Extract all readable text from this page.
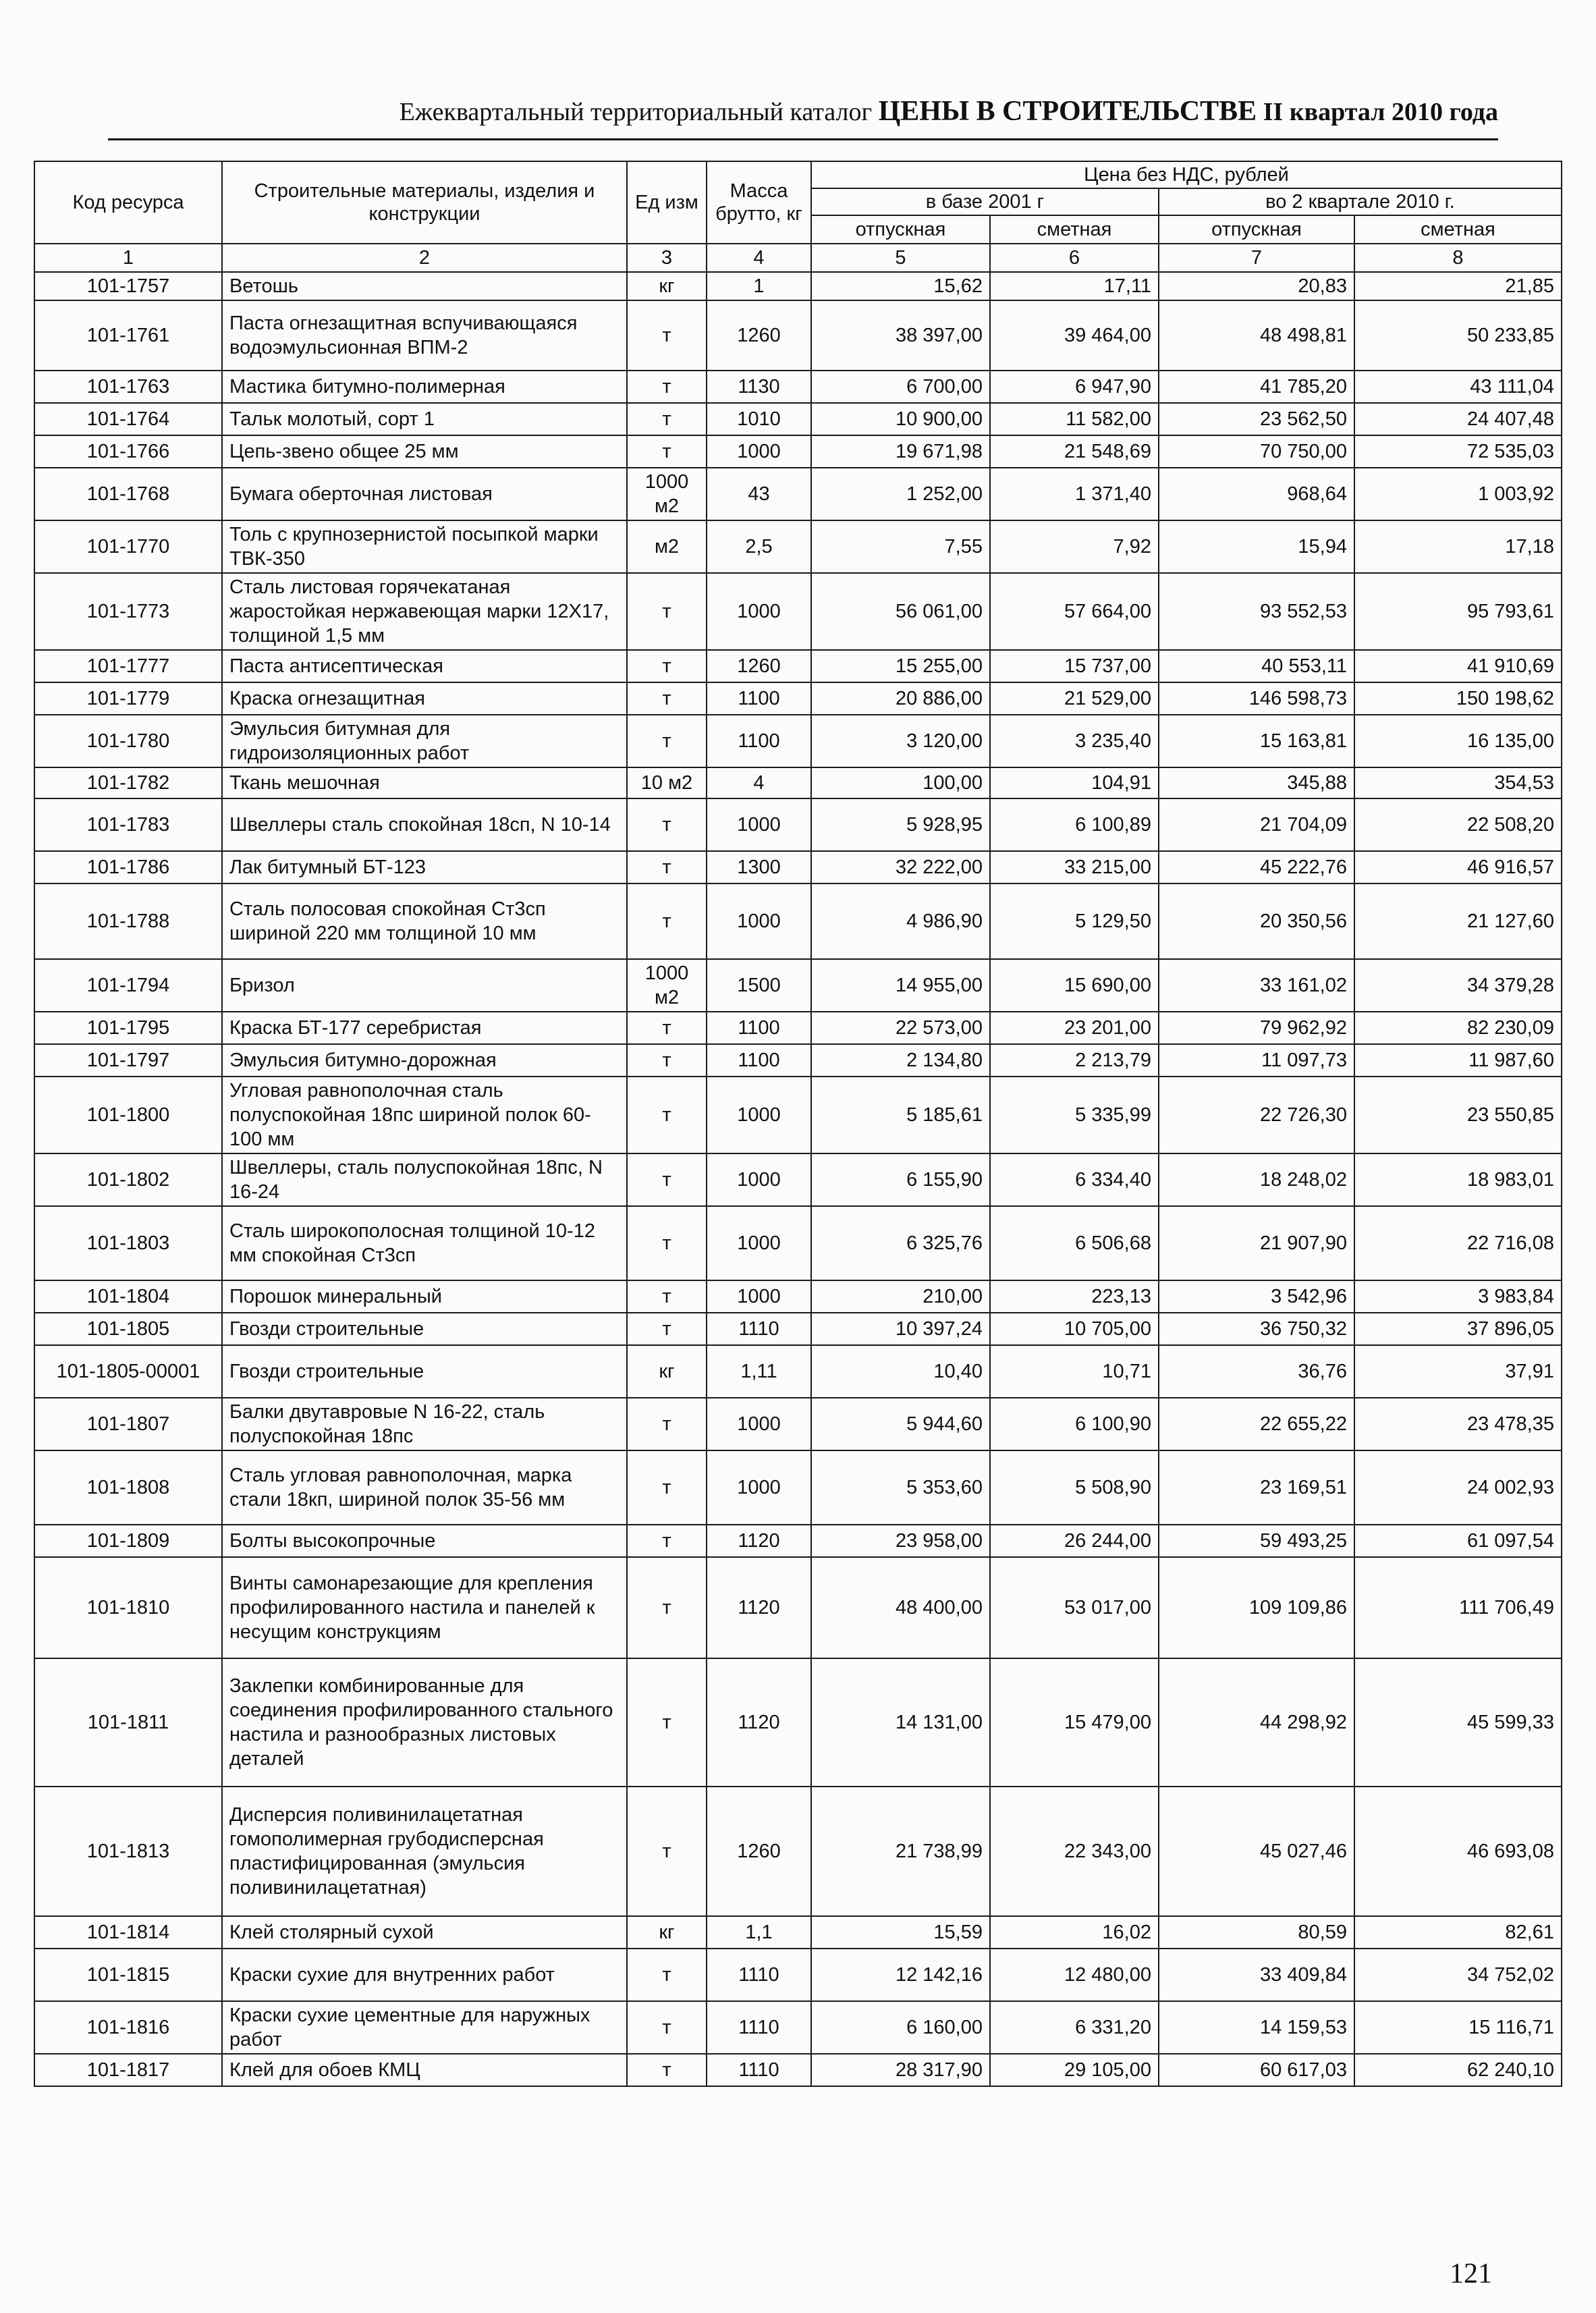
Ежеквартальный территориальный каталог ЦЕНЫ В СТРОИТЕЛЬСТВЕ II квартал 2010 года
Код ресурса	Строительные материалы, изделия и конструкции	Ед изм	Масса брутто, кг	Цена без НДС, рублей			
				в базе 2001 г		во 2 квартале 2010 г.	
				отпускная	сметная	отпускная	сметная
1	2	3	4	5	6	7	8
101-1757	Ветошь	кг	1	15,62	17,11	20,83	21,85
101-1761	Паста огнезащитная вспучивающаяся водоэмульсионная ВПМ-2	т	1260	38 397,00	39 464,00	48 498,81	50 233,85
101-1763	Мастика битумно-полимерная	т	1130	6 700,00	6 947,90	41 785,20	43 111,04
101-1764	Тальк молотый, сорт 1	т	1010	10 900,00	11 582,00	23 562,50	24 407,48
101-1766	Цепь-звено общее 25 мм	т	1000	19 671,98	21 548,69	70 750,00	72 535,03
101-1768	Бумага оберточная листовая	1000 м2	43	1 252,00	1 371,40	968,64	1 003,92
101-1770	Толь с крупнозернистой посыпкой марки ТВК-350	м2	2,5	7,55	7,92	15,94	17,18
101-1773	Сталь листовая горячекатаная жаростойкая нержавеющая марки 12Х17, толщиной 1,5 мм	т	1000	56 061,00	57 664,00	93 552,53	95 793,61
101-1777	Паста антисептическая	т	1260	15 255,00	15 737,00	40 553,11	41 910,69
101-1779	Краска огнезащитная	т	1100	20 886,00	21 529,00	146 598,73	150 198,62
101-1780	Эмульсия битумная для гидроизоляционных работ	т	1100	3 120,00	3 235,40	15 163,81	16 135,00
101-1782	Ткань мешочная	10 м2	4	100,00	104,91	345,88	354,53
101-1783	Швеллеры сталь спокойная 18сп, N 10-14	т	1000	5 928,95	6 100,89	21 704,09	22 508,20
101-1786	Лак битумный БТ-123	т	1300	32 222,00	33 215,00	45 222,76	46 916,57
101-1788	Сталь полосовая спокойная Ст3сп шириной 220 мм толщиной 10 мм	т	1000	4 986,90	5 129,50	20 350,56	21 127,60
101-1794	Бризол	1000 м2	1500	14 955,00	15 690,00	33 161,02	34 379,28
101-1795	Краска БТ-177 серебристая	т	1100	22 573,00	23 201,00	79 962,92	82 230,09
101-1797	Эмульсия битумно-дорожная	т	1100	2 134,80	2 213,79	11 097,73	11 987,60
101-1800	Угловая равнополочная сталь полуспокойная 18пс шириной полок 60-100 мм	т	1000	5 185,61	5 335,99	22 726,30	23 550,85
101-1802	Швеллеры, сталь полуспокойная 18пс, N 16-24	т	1000	6 155,90	6 334,40	18 248,02	18 983,01
101-1803	Сталь широкополосная толщиной 10-12 мм спокойная Ст3сп	т	1000	6 325,76	6 506,68	21 907,90	22 716,08
101-1804	Порошок минеральный	т	1000	210,00	223,13	3 542,96	3 983,84
101-1805	Гвозди строительные	т	1110	10 397,24	10 705,00	36 750,32	37 896,05
101-1805-00001	Гвозди строительные	кг	1,11	10,40	10,71	36,76	37,91
101-1807	Балки двутавровые N 16-22, сталь полуспокойная 18пс	т	1000	5 944,60	6 100,90	22 655,22	23 478,35
101-1808	Сталь угловая равнополочная, марка стали 18кп, шириной полок 35-56 мм	т	1000	5 353,60	5 508,90	23 169,51	24 002,93
101-1809	Болты высокопрочные	т	1120	23 958,00	26 244,00	59 493,25	61 097,54
101-1810	Винты самонарезающие для крепления профилированного настила и панелей к несущим конструкциям	т	1120	48 400,00	53 017,00	109 109,86	111 706,49
101-1811	Заклепки комбинированные для соединения профилированного стального настила и разнообразных листовых деталей	т	1120	14 131,00	15 479,00	44 298,92	45 599,33
101-1813	Дисперсия поливинилацетатная гомополимерная грубодисперсная пластифицированная (эмульсия поливинилацетатная)	т	1260	21 738,99	22 343,00	45 027,46	46 693,08
101-1814	Клей столярный сухой	кг	1,1	15,59	16,02	80,59	82,61
101-1815	Краски сухие для внутренних работ	т	1110	12 142,16	12 480,00	33 409,84	34 752,02
101-1816	Краски сухие цементные для наружных работ	т	1110	6 160,00	6 331,20	14 159,53	15 116,71
101-1817	Клей для обоев КМЦ	т	1110	28 317,90	29 105,00	60 617,03	62 240,10
121
